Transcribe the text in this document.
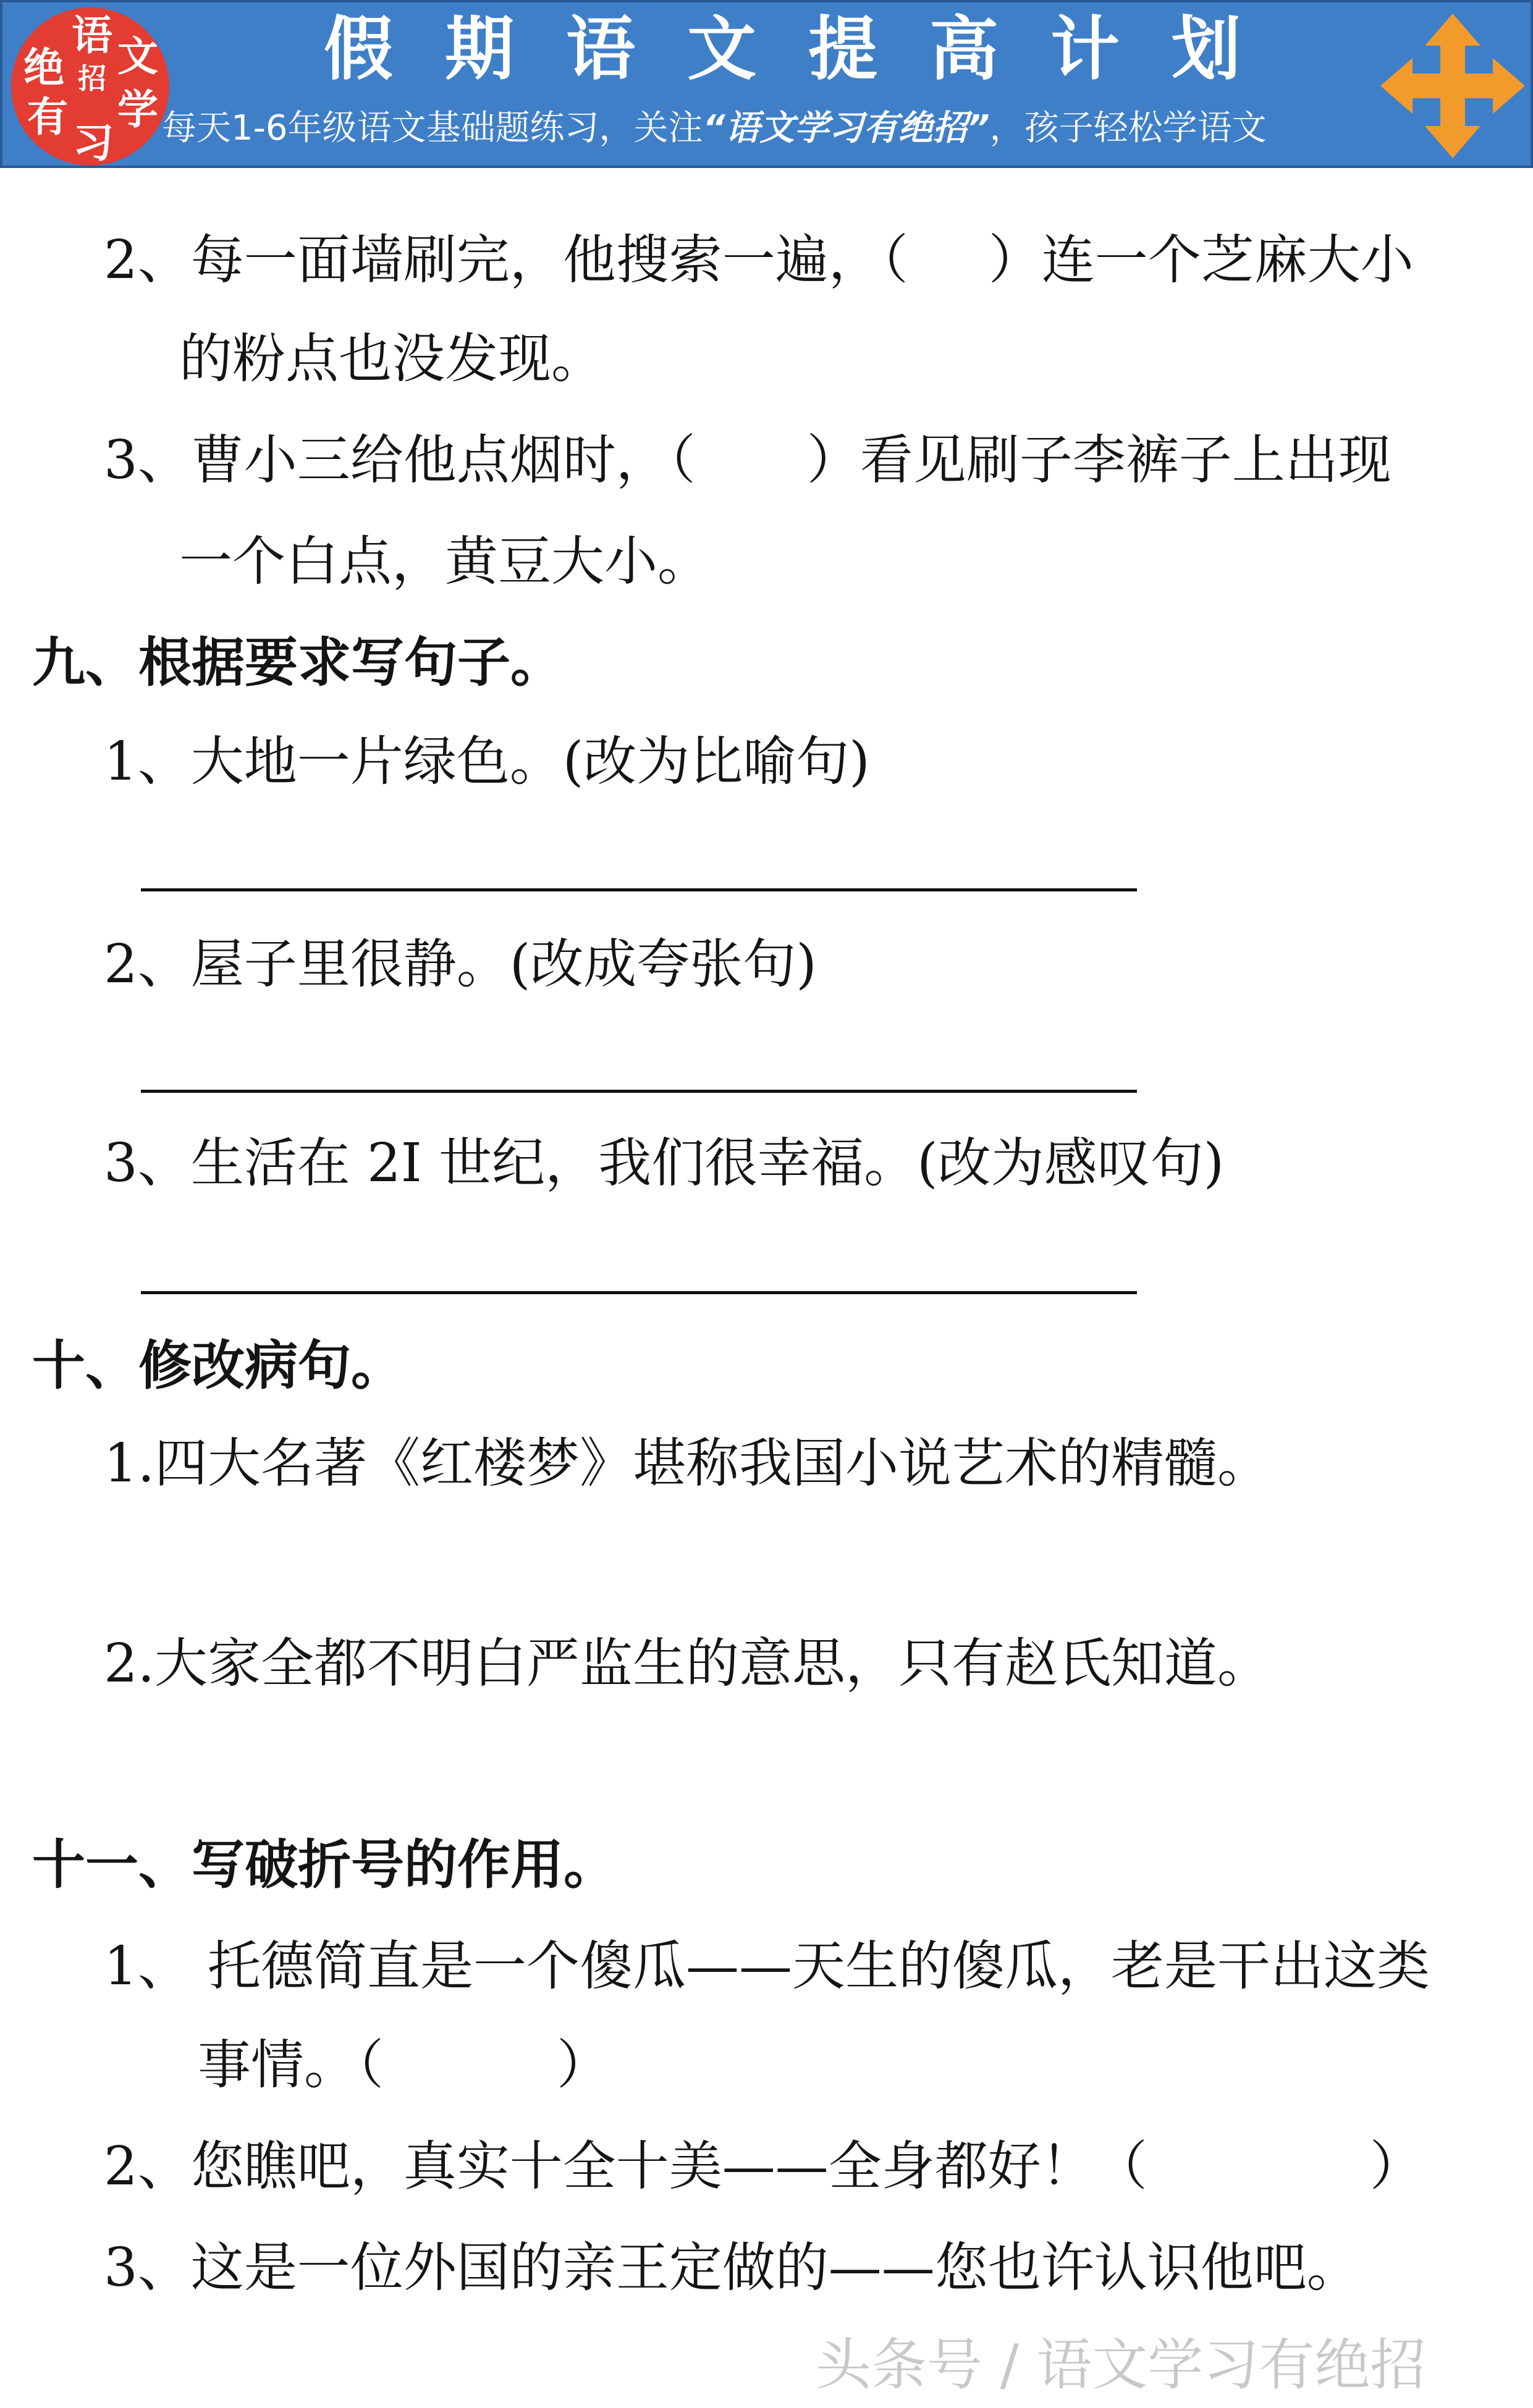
语 文
绝 招
有 学
习
假期语文提高计划
每天1-6年级语文基础题练习，关注“语文学习有绝招”，孩子轻松学语文
2、每一面墙刷完，他搜索一遍，（ ）连一个芝麻大小
的粉点也没发现。
3、曹小三给他点烟时，（ ）看见刷子李裤子上出现
一个白点，黄豆大小。
九、根据要求写句子。
1、大地一片绿色。(改为比喻句)
2、屋子里很静。(改成夸张句)
3、生活在 2I 世纪，我们很幸福。(改为感叹句)
十、修改病句。
1.四大名著《红楼梦》堪称我国小说艺术的精髓。
2.大家全都不明白严监生的意思，只有赵氏知道。
十一、写破折号的作用。
1、 托德简直是一个傻瓜——天生的傻瓜，老是干出这类
事情。（	）
2、您瞧吧，真实十全十美——全身都好！（	）
3、这是一位外国的亲王定做的——您也许认识他吧。
头条号 / 语文学习有绝招
